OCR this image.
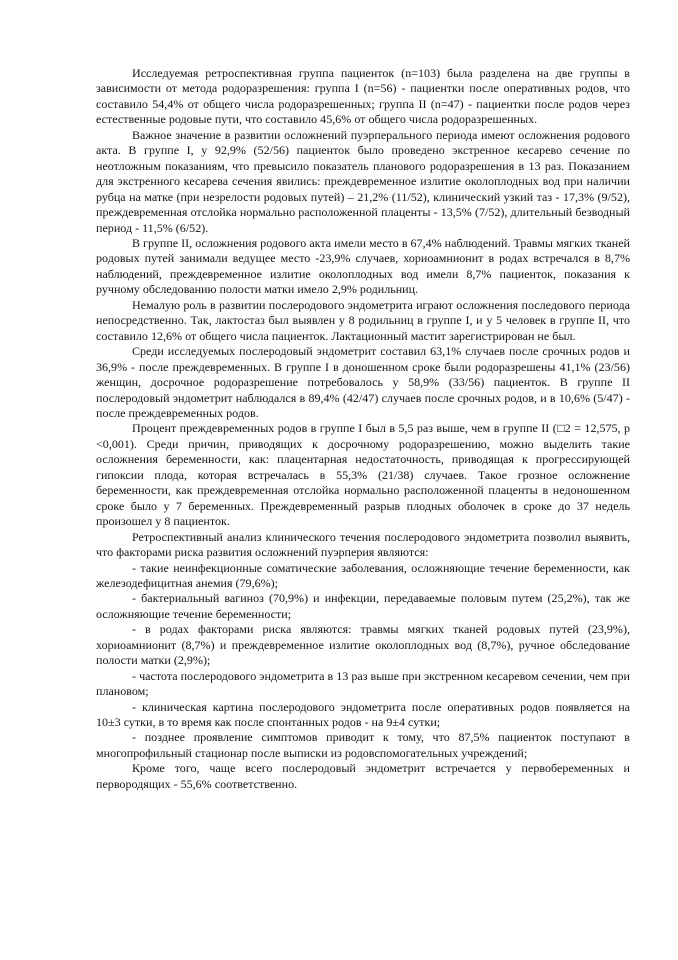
Исследуемая ретроспективная группа пациенток (n=103) была разделена на две группы в зависимости от метода родоразрешения: группа I (n=56) - пациентки после оперативных родов, что составило 54,4% от общего числа родоразрешенных; группа II (n=47) - пациентки после родов через естественные родовые пути, что составило 45,6% от общего числа родоразрешенных.

Важное значение в развитии осложнений пуэрперального периода имеют осложнения родового акта. В группе I, у 92,9% (52/56) пациенток было проведено экстренное кесарево сечение по неотложным показаниям, что превысило показатель планового родоразрешения в 13 раз. Показанием для экстренного кесарева сечения явились: преждевременное излитие околоплодных вод при наличии рубца на матке (при незрелости родовых путей) – 21,2% (11/52), клинический узкий таз - 17,3% (9/52), преждевременная отслойка нормально расположенной плаценты - 13,5% (7/52), длительный безводный период - 11,5% (6/52).

В группе II, осложнения родового акта имели место в 67,4% наблюдений. Травмы мягких тканей родовых путей занимали ведущее место -23,9% случаев, хориоамнионит в родах встречался в 8,7% наблюдений, преждевременное излитие околоплодных вод имели 8,7% пациенток, показания к ручному обследованию полости матки имело 2,9% родильниц.

Немалую роль в развитии послеродового эндометрита играют осложнения последового периода непосредственно. Так, лактостаз был выявлен у 8 родильниц в группе I, и у 5 человек в группе II, что составило 12,6% от общего числа пациенток. Лактационный мастит зарегистрирован не был.

Среди исследуемых послеродовый эндометрит составил 63,1% случаев после срочных родов и 36,9% - после преждевременных. В группе I в доношенном сроке были родоразрешены 41,1% (23/56) женщин, досрочное родоразрешение потребовалось у 58,9% (33/56) пациенток. В группе II послеродовый эндометрит наблюдался в 89,4% (42/47) случаев после срочных родов, и в 10,6% (5/47) - после преждевременных родов.

Процент преждевременных родов в группе I был в 5,5 раз выше, чем в группе II (□2 = 12,575, p <0,001). Среди причин, приводящих к досрочному родоразрешению, можно выделить такие осложнения беременности, как: плацентарная недостаточность, приводящая к прогрессирующей гипоксии плода, которая встречалась в 55,3% (21/38) случаев. Такое грозное осложнение беременности, как преждевременная отслойка нормально расположенной плаценты в недоношенном сроке было у 7 беременных. Преждевременный разрыв плодных оболочек в сроке до 37 недель произошел у 8 пациенток.

Ретроспективный анализ клинического течения послеродового эндометрита позволил выявить, что факторами риска развития осложнений пуэрперия являются:

- такие неинфекционные соматические заболевания, осложняющие течение беременности, как железодефицитная анемия (79,6%);

- бактериальный вагиноз (70,9%) и инфекции, передаваемые половым путем (25,2%), так же осложняющие течение беременности;

- в родах факторами риска являются: травмы мягких тканей родовых путей (23,9%), хориоамнионит (8,7%) и преждевременное излитие околоплодных вод (8,7%), ручное обследование полости матки (2,9%);

- частота послеродового эндометрита в 13 раз выше при экстренном кесаревом сечении, чем при плановом;

- клиническая картина послеродового эндометрита после оперативных родов появляется на 10±3 сутки, в то время как после спонтанных родов - на 9±4 сутки;

- позднее проявление симптомов приводит к тому, что 87,5% пациенток поступают в многопрофильный стационар после выписки из родовспомогательных учреждений;

Кроме того, чаще всего послеродовый эндометрит встречается у первобеременных и первородящих - 55,6% соответственно.
